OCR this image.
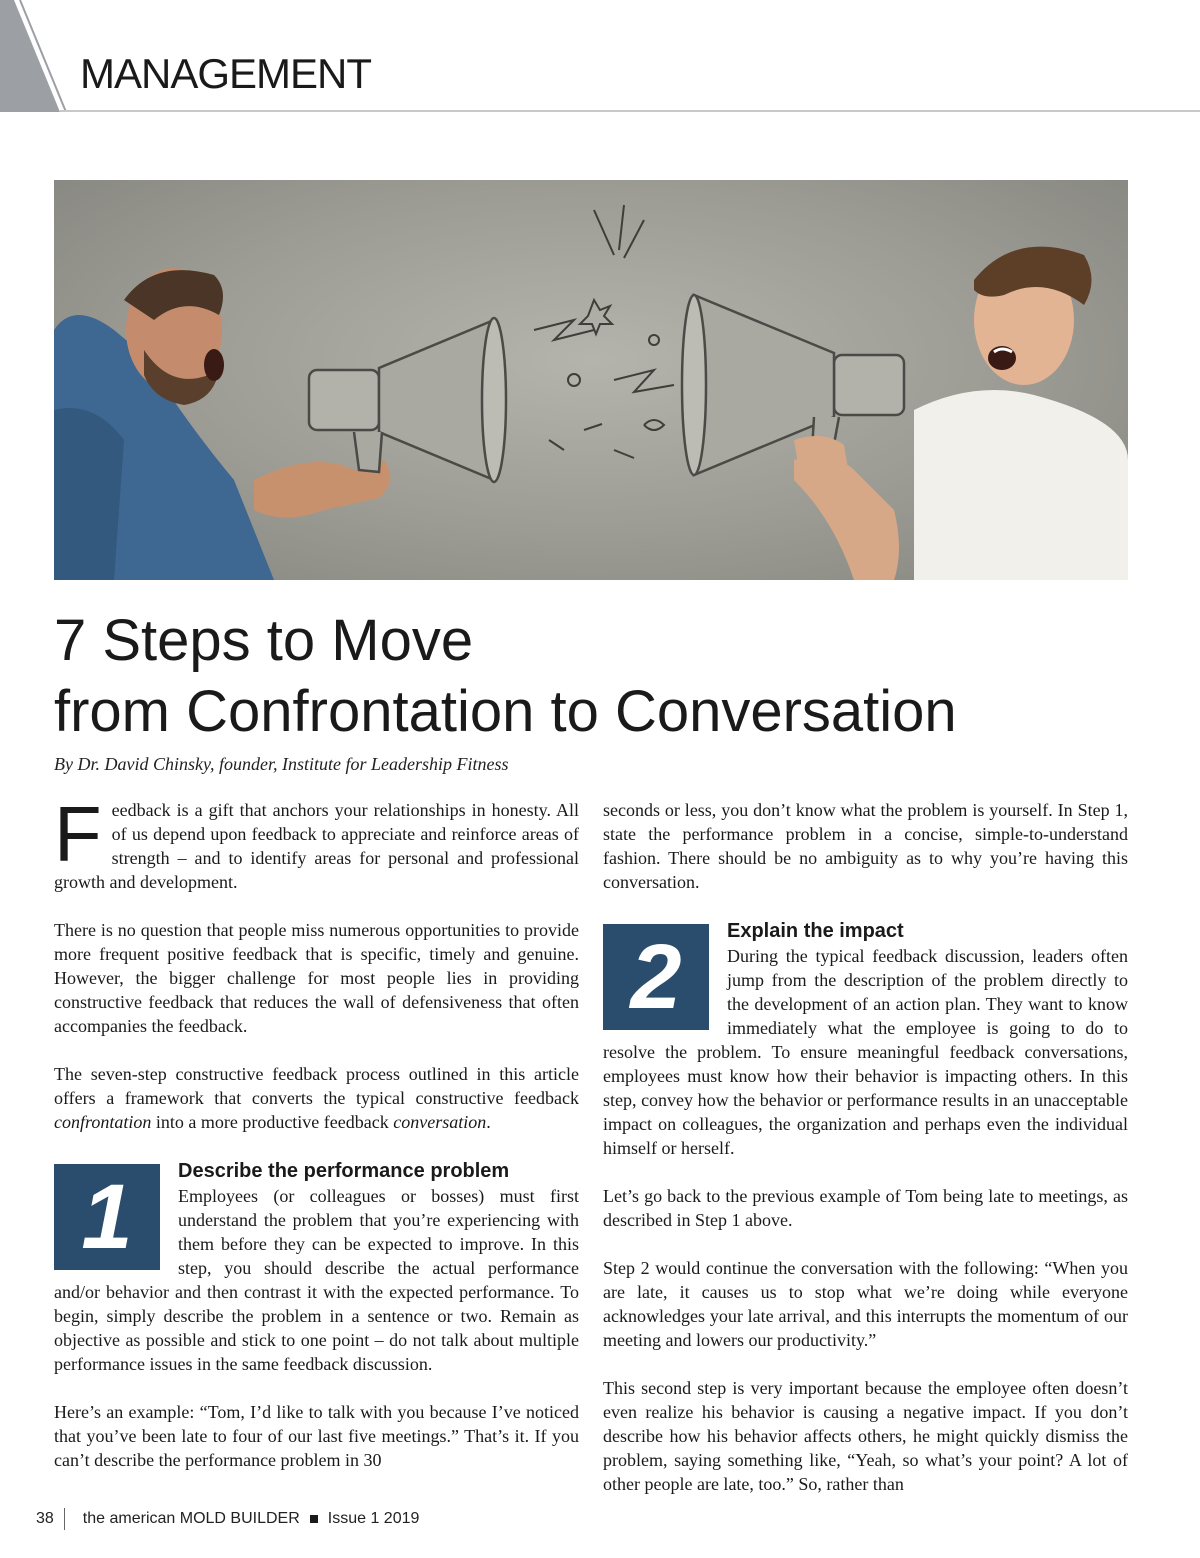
MANAGEMENT
7 Steps to Move
from Confrontation to Conversation
By Dr. David Chinsky, founder, Institute for Leadership Fitness

Feedback is a gift that anchors your relationships in honesty. All of us depend upon feedback to appreciate and reinforce areas of strength – and to identify areas for personal and professional growth and development.

There is no question that people miss numerous opportunities to provide more frequent positive feedback that is specific, timely and genuine. However, the bigger challenge for most people lies in providing constructive feedback that reduces the wall of defensiveness that often accompanies the feedback.

The seven-step constructive feedback process outlined in this article offers a framework that converts the typical constructive feedback confrontation into a more productive feedback conversation.

1	Describe the performance problem

Employees (or colleagues or bosses) must first understand the problem that you’re experiencing with them before they can be expected to improve. In this step, you should describe the actual performance and/or behavior and then contrast it with the expected performance. To begin, simply describe the problem in a sentence or two. Remain as objective as possible and stick to one point – do not talk about multiple performance issues in the same feedback discussion.

Here’s an example: “Tom, I’d like to talk with you because I’ve noticed that you’ve been late to four of our last five meetings.” That’s it. If you can’t describe the performance problem in 30

seconds or less, you don’t know what the problem is yourself. In Step 1, state the performance problem in a concise, simple-to-understand fashion. There should be no ambiguity as to why you’re having this conversation.

2	Explain the impact

During the typical feedback discussion, leaders often jump from the description of the problem directly to the development of an action plan. They want to know immediately what the employee is going to do to resolve the problem. To ensure meaningful feedback conversations, employees must know how their behavior is impacting others. In this step, convey how the behavior or performance results in an unacceptable impact on colleagues, the organization and perhaps even the individual himself or herself.

Let’s go back to the previous example of Tom being late to meetings, as described in Step 1 above.

Step 2 would continue the conversation with the following: “When you are late, it causes us to stop what we’re doing while everyone acknowledges your late arrival, and this interrupts the momentum of our meeting and lowers our productivity.”

This second step is very important because the employee often doesn’t even realize his behavior is causing a negative impact. If you don’t describe how his behavior affects others, he might quickly dismiss the problem, saying something like, “Yeah, so what’s your point? A lot of other people are late, too.” So, rather than

38	the american MOLD BUILDER Issue 1 2019
